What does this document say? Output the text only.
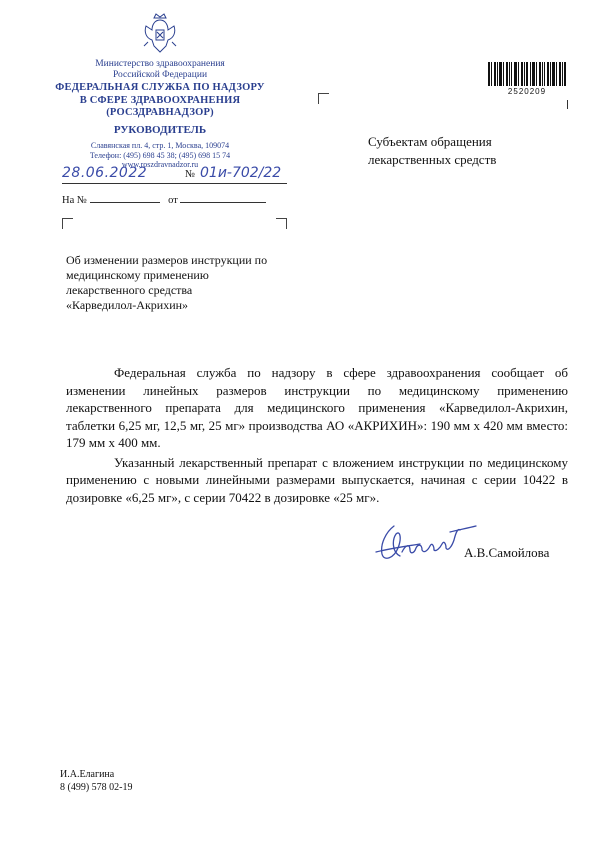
Министерство здравоохранения
Российской Федерации
ФЕДЕРАЛЬНАЯ СЛУЖБА ПО НАДЗОРУ
В СФЕРЕ ЗДРАВООХРАНЕНИЯ
(РОСЗДРАВНАДЗОР)
РУКОВОДИТЕЛЬ
Славянская пл. 4, стр. 1, Москва, 109074
Телефон: (495) 698 45 38; (495) 698 15 74
www.roszdravnadzor.ru
2520209
Субъектам обращения
лекарственных средств
28.06.2022	№ 01и-702/22
На №	от
Об изменении размеров инструкции по
медицинскому применению
лекарственного средства
«Карведилол-Акрихин»

Федеральная служба по надзору в сфере здравоохранения сообщает об изменении линейных размеров инструкции по медицинскому применению лекарственного препарата для медицинского применения «Карведилол-Акрихин, таблетки 6,25 мг, 12,5 мг, 25 мг» производства АО «АКРИХИН»: 190 мм х 420 мм вместо: 179 мм х 400 мм.

Указанный лекарственный препарат с вложением инструкции по медицинскому применению с новыми линейными размерами выпускается, начиная с серии 10422 в дозировке «6,25 мг», с серии 70422 в дозировке «25 мг».

А.В.Самойлова
И.А.Елагина
8 (499) 578 02-19
